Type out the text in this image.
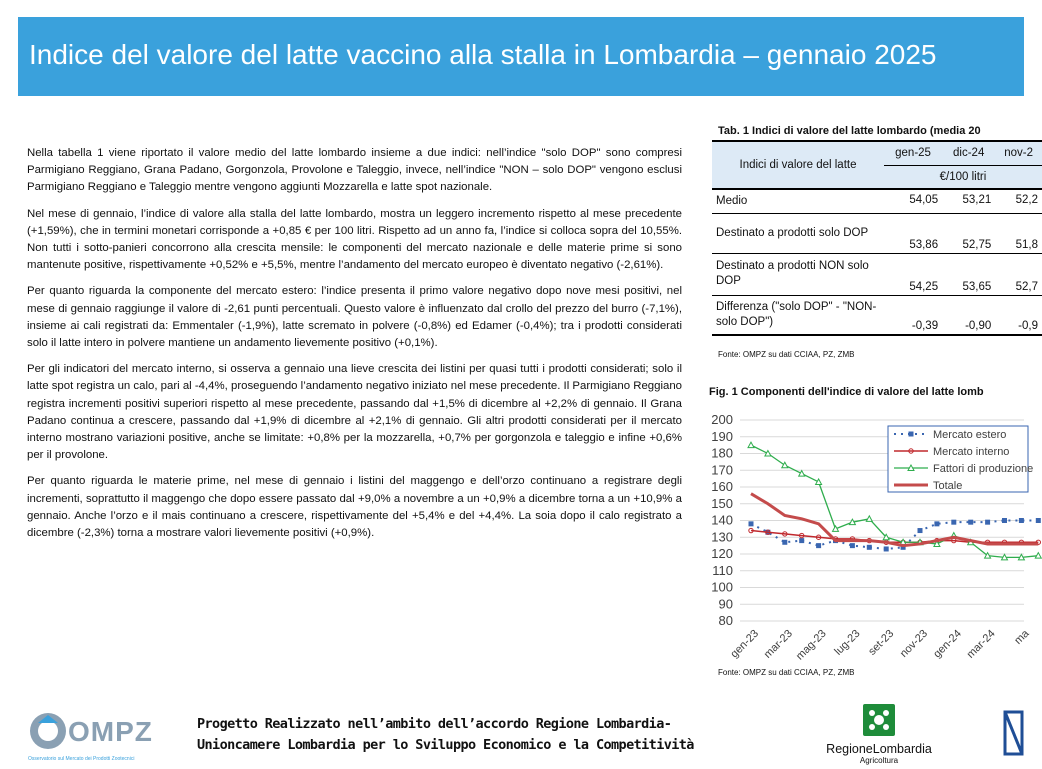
Indice del valore del latte vaccino alla stalla in Lombardia – gennaio 2025

Nella tabella 1 viene riportato il valore medio del latte lombardo insieme a due indici: nell’indice "solo DOP" sono compresi Parmigiano Reggiano, Grana Padano, Gorgonzola, Provolone e Taleggio, invece, nell’indice "NON – solo DOP" vengono esclusi Parmigiano Reggiano e Taleggio mentre vengono aggiunti Mozzarella e latte spot nazionale.

Nel mese di gennaio, l’indice di valore alla stalla del latte lombardo, mostra un leggero incremento rispetto al mese precedente (+1,59%), che in termini monetari corrisponde a +0,85 € per 100 litri. Rispetto ad un anno fa, l’indice si colloca sopra del 10,55%. Non tutti i sotto-panieri concorrono alla crescita mensile: le componenti del mercato nazionale e delle materie prime si sono mantenute positive, rispettivamente +0,52% e +5,5%, mentre l’andamento del mercato europeo è diventato negativo (-2,61%).

Per quanto riguarda la componente del mercato estero: l’indice presenta il primo valore negativo dopo nove mesi positivi, nel mese di gennaio raggiunge il valore di -2,61 punti percentuali. Questo valore è influenzato dal crollo del prezzo del burro (-7,1%), insieme ai cali registrati da: Emmentaler (-1,9%), latte scremato in polvere (-0,8%) ed Edamer (-0,4%); tra i prodotti considerati solo il latte intero in polvere mantiene un andamento lievemente positivo (+0,1%).

Per gli indicatori del mercato interno, si osserva a gennaio una lieve crescita dei listini per quasi tutti i prodotti considerati; solo il latte spot registra un calo, pari al -4,4%, proseguendo l’andamento negativo iniziato nel mese precedente. Il Parmigiano Reggiano registra incrementi positivi superiori rispetto al mese precedente, passando dal +1,5% di dicembre al +2,2% di gennaio. Il Grana Padano continua a crescere, passando dal +1,9% di dicembre al +2,1% di gennaio. Gli altri prodotti considerati per il mercato interno mostrano variazioni positive, anche se limitate: +0,8% per la mozzarella, +0,7% per gorgonzola e taleggio e infine +0,6% per il provolone.

Per quanto riguarda le materie prime, nel mese di gennaio i listini del maggengo e dell’orzo continuano a registrare degli incrementi, soprattutto il maggengo che dopo essere passato dal +9,0% a novembre a un +0,9% a dicembre torna a un +10,9% a gennaio. Anche l’orzo e il mais continuano a crescere, rispettivamente del +5,4% e del +4,4%. La soia dopo il calo registrato a dicembre (-2,3%) torna a mostrare valori lievemente positivi (+0,9%).

Tab. 1 Indici di valore del latte lombardo (media 20
Indici di valore del latte	gen-25	dic-24	nov-2
	€/100 litri		
Medio	54,05	53,21	52,2
Destinato a prodotti solo DOP	53,86	52,75	51,8
Destinato a prodotti NON solo DOP	54,25	53,65	52,7
Differenza ("solo DOP" - "NON-solo DOP")	-0,39	-0,90	-0,9
Fonte: OMPZ su dati CCIAA, PZ, ZMB
Fig. 1 Componenti dell'indice di valore del latte lomb
80
90
100
110
120
130
140
150
160
170
180
190
200
gen-23 mar-23
mag-23 lug-23 set-23 nov-23 gen-24 mar-24 ma
Mercato estero
Mercato interno
Fattori di produzione
Totale
Fonte: OMPZ su dati CCIAA, PZ, ZMB
OMPZ
Osservatorio sul Mercato dei Prodotti Zootecnici
Progetto Realizzato nell’ambito dell’accordo Regione Lombardia-
Unioncamere Lombardia per lo Sviluppo Economico e la Competitività	RegioneLombardia
Agricoltura
